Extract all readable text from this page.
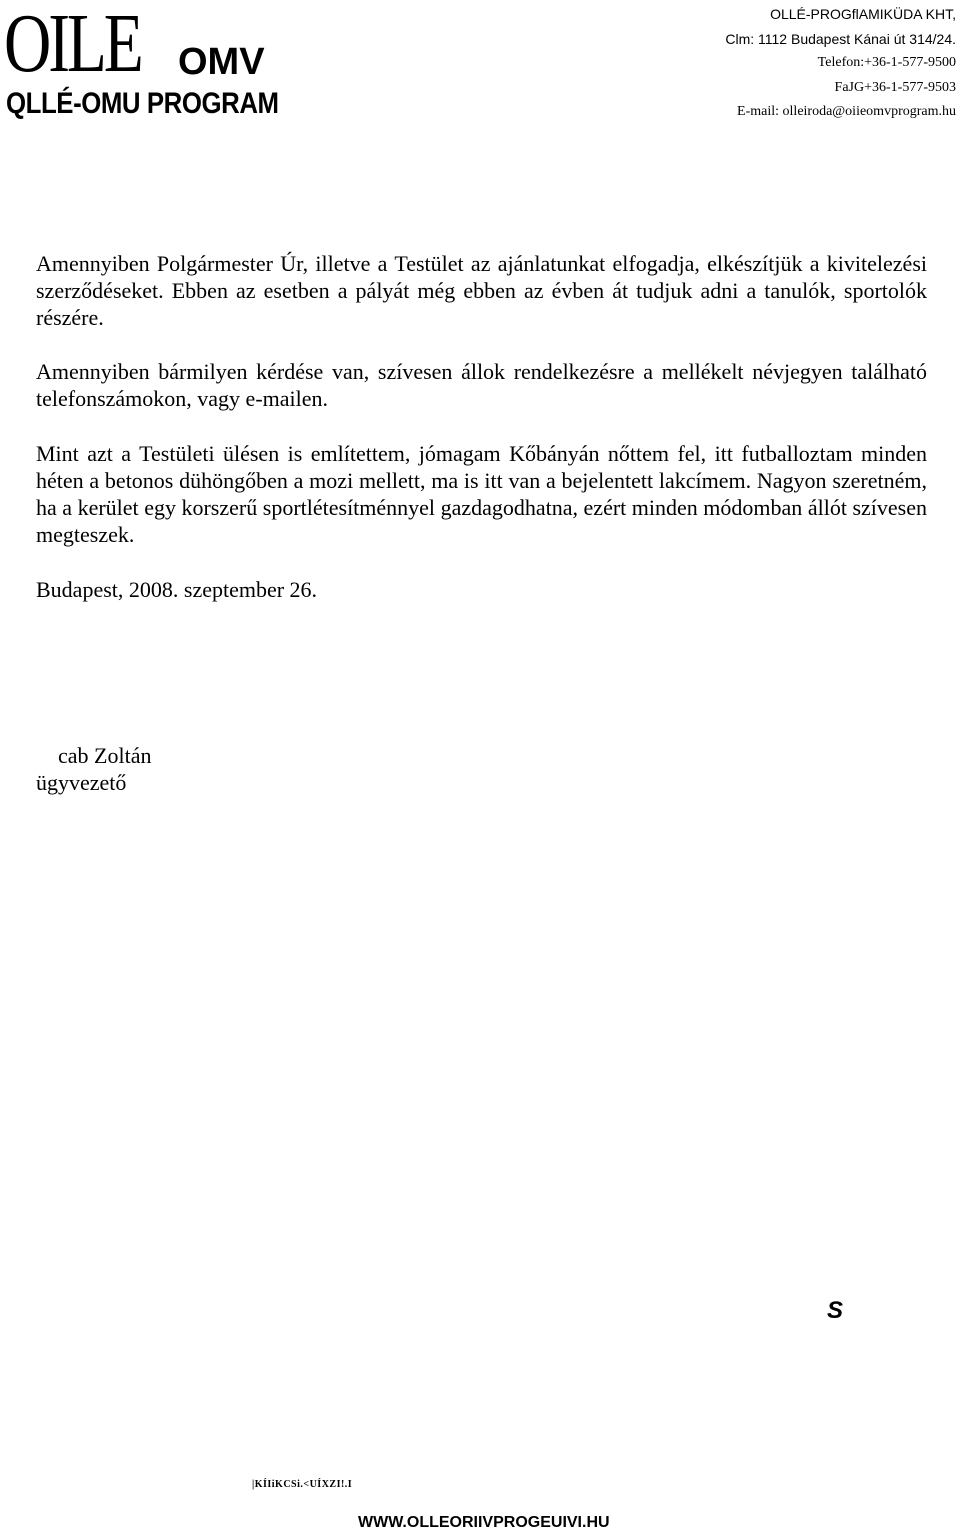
OILE OMV
QLLÉ-OMU PROGRAM
OLLÉ-PROGflAMIKÜDA KHT,
Clm: 1112 Budapest Kánai út 314/24.
Telefon:+36-1-577-9500
FaJG+36-1-577-9503
E-mail: olleiroda@oiieomvprogram.hu

Amennyiben Polgármester Úr, illetve a Testület az ajánlatunkat elfogadja, elkészítjük a kivitelezési szerződéseket. Ebben az esetben a pályát még ebben az évben át tudjuk adni a tanulók, sportolók részére.

Amennyiben bármilyen kérdése van, szívesen állok rendelkezésre a mellékelt névjegyen található telefonszámokon, vagy e-mailen.

Mint azt a Testületi ülésen is említettem, jómagam Kőbányán nőttem fel, itt futballoztam minden héten a betonos dühöngőben a mozi mellett, ma is itt van a bejelentett lakcímem. Nagyon szeretném, ha a kerület egy korszerű sportlétesítménnyel gazdagodhatna, ezért minden módomban állót szívesen megteszek.

Budapest, 2008. szeptember 26.

cab Zoltán
ügyvezető
S
|KÍIiKCSi.<UÍXZI!.I
WWW.OLLEORIIVPROGEUIVI.HU
